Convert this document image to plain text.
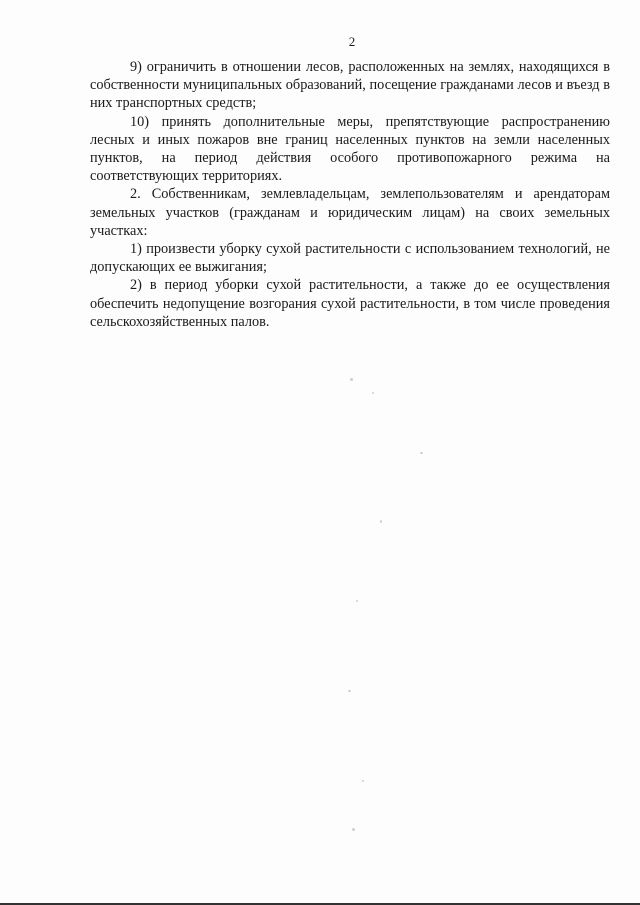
2

9) ограничить в отношении лесов, расположенных на землях, находящихся в собственности муниципальных образований, посещение гражданами лесов и въезд в них транспортных средств;

10) принять дополнительные меры, препятствующие распространению лесных и иных пожаров вне границ населенных пунктов на земли населенных пунктов, на период действия особого противопожарного режима на соответствующих территориях.

2. Собственникам, землевладельцам, землепользователям и арендаторам земельных участков (гражданам и юридическим лицам) на своих земельных участках:

1) произвести уборку сухой растительности с использованием технологий, не допускающих ее выжигания;

2) в период уборки сухой растительности, а также до ее осуществления обеспечить недопущение возгорания сухой растительности, в том числе проведения сельскохозяйственных палов.
